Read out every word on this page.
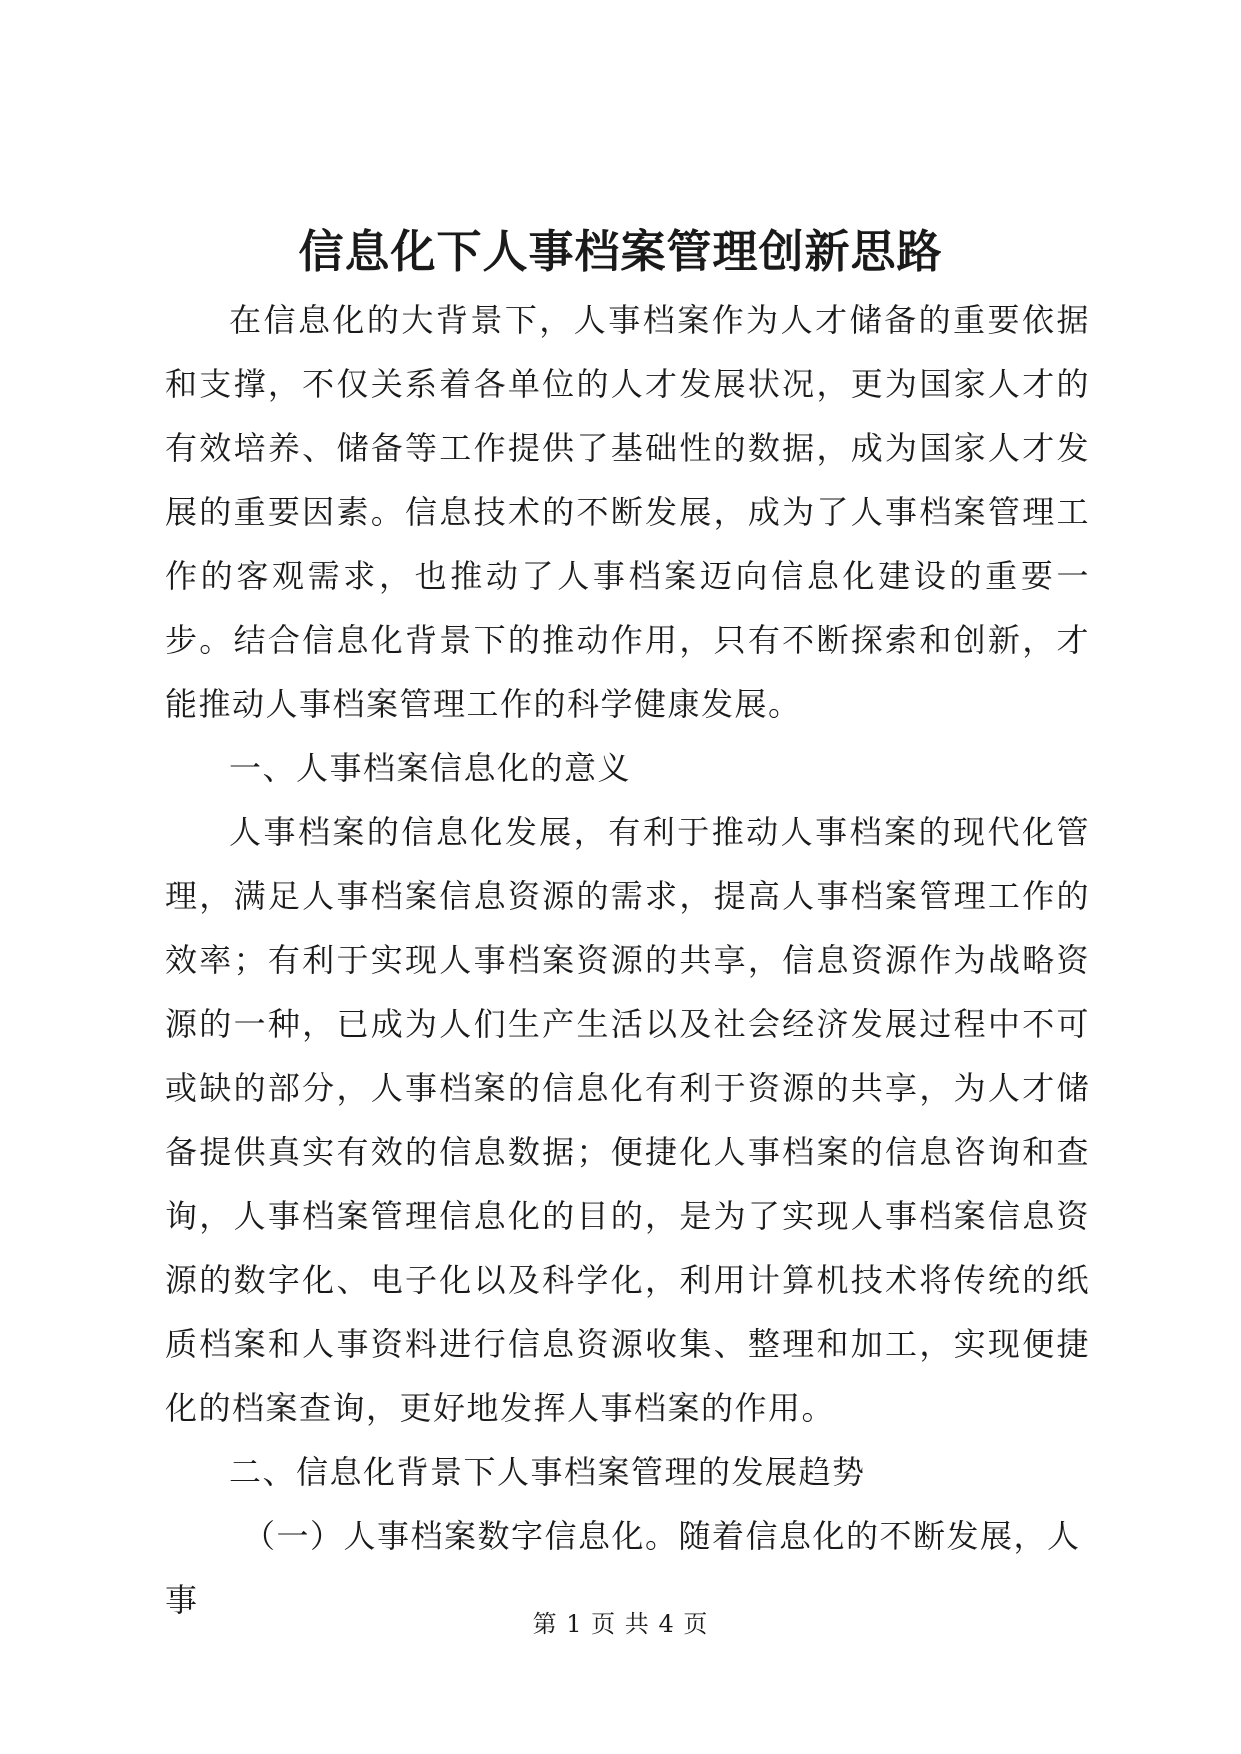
信息化下人事档案管理创新思路

在信息化的大背景下，人事档案作为人才储备的重要依据和支撑，不仅关系着各单位的人才发展状况，更为国家人才的有效培养、储备等工作提供了基础性的数据，成为国家人才发展的重要因素。信息技术的不断发展，成为了人事档案管理工作的客观需求，也推动了人事档案迈向信息化建设的重要一步。结合信息化背景下的推动作用，只有不断探索和创新，才能推动人事档案管理工作的科学健康发展。

一、人事档案信息化的意义

人事档案的信息化发展，有利于推动人事档案的现代化管理，满足人事档案信息资源的需求，提高人事档案管理工作的效率；有利于实现人事档案资源的共享，信息资源作为战略资源的一种，已成为人们生产生活以及社会经济发展过程中不可或缺的部分，人事档案的信息化有利于资源的共享，为人才储备提供真实有效的信息数据；便捷化人事档案的信息咨询和查询，人事档案管理信息化的目的，是为了实现人事档案信息资源的数字化、电子化以及科学化，利用计算机技术将传统的纸质档案和人事资料进行信息资源收集、整理和加工，实现便捷化的档案查询，更好地发挥人事档案的作用。

二、信息化背景下人事档案管理的发展趋势

（一）人事档案数字信息化。随着信息化的不断发展，人事

第 1 页 共 4 页
